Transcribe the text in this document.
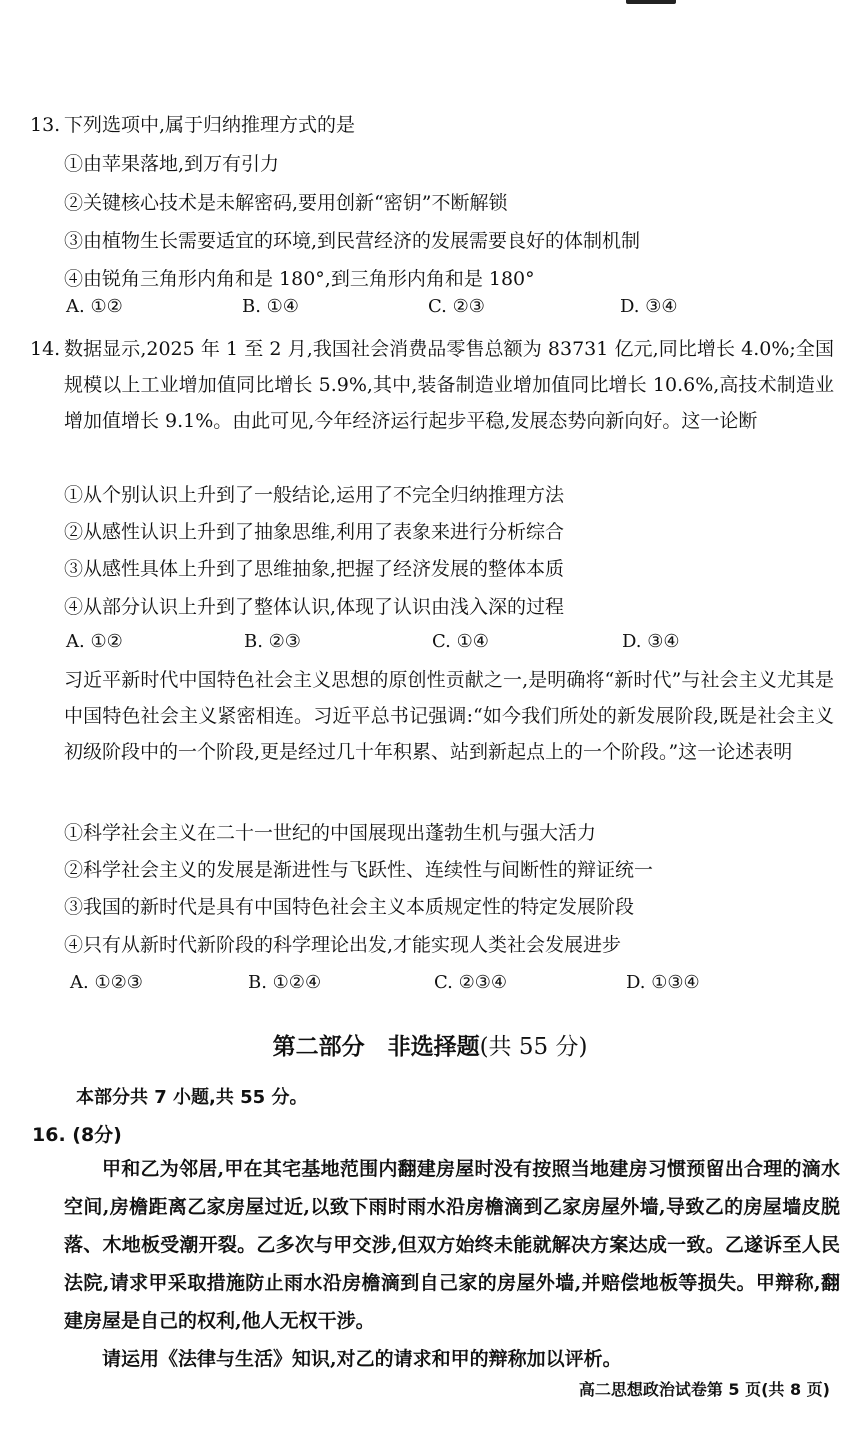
13. 下列选项中,属于归纳推理方式的是
①由苹果落地,到万有引力
②关键核心技术是未解密码,要用创新“密钥”不断解锁
③由植物生长需要适宜的环境,到民营经济的发展需要良好的体制机制
④由锐角三角形内角和是 180°,到三角形内角和是 180°
A. ①②	B. ①④	C. ②③	D. ③④
14. 数据显示,2025 年 1 至 2 月,我国社会消费品零售总额为 83731 亿元,同比增长 4.0%;全国规模以上工业增加值同比增长 5.9%,其中,装备制造业增加值同比增长 10.6%,高技术制造业增加值增长 9.1%。由此可见,今年经济运行起步平稳,发展态势向新向好。这一论断
①从个别认识上升到了一般结论,运用了不完全归纳推理方法
②从感性认识上升到了抽象思维,利用了表象来进行分析综合
③从感性具体上升到了思维抽象,把握了经济发展的整体本质
④从部分认识上升到了整体认识,体现了认识由浅入深的过程
A. ①②	B. ②③	C. ①④	D. ③④
习近平新时代中国特色社会主义思想的原创性贡献之一,是明确将“新时代”与社会主义尤其是中国特色社会主义紧密相连。习近平总书记强调:“如今我们所处的新发展阶段,既是社会主义初级阶段中的一个阶段,更是经过几十年积累、站到新起点上的一个阶段。”这一论述表明
①科学社会主义在二十一世纪的中国展现出蓬勃生机与强大活力
②科学社会主义的发展是渐进性与飞跃性、连续性与间断性的辩证统一
③我国的新时代是具有中国特色社会主义本质规定性的特定发展阶段
④只有从新时代新阶段的科学理论出发,才能实现人类社会发展进步
A. ①②③	B. ①②④	C. ②③④	D. ①③④
第二部分　非选择题(共 55 分)
本部分共 7 小题,共 55 分。
16. (8分)

甲和乙为邻居,甲在其宅基地范围内翻建房屋时没有按照当地建房习惯预留出合理的滴水空间,房檐距离乙家房屋过近,以致下雨时雨水沿房檐滴到乙家房屋外墙,导致乙的房屋墙皮脱落、木地板受潮开裂。乙多次与甲交涉,但双方始终未能就解决方案达成一致。乙遂诉至人民法院,请求甲采取措施防止雨水沿房檐滴到自己家的房屋外墙,并赔偿地板等损失。甲辩称,翻建房屋是自己的权利,他人无权干涉。

请运用《法律与生活》知识,对乙的请求和甲的辩称加以评析。

高二思想政治试卷第 5 页(共 8 页)
